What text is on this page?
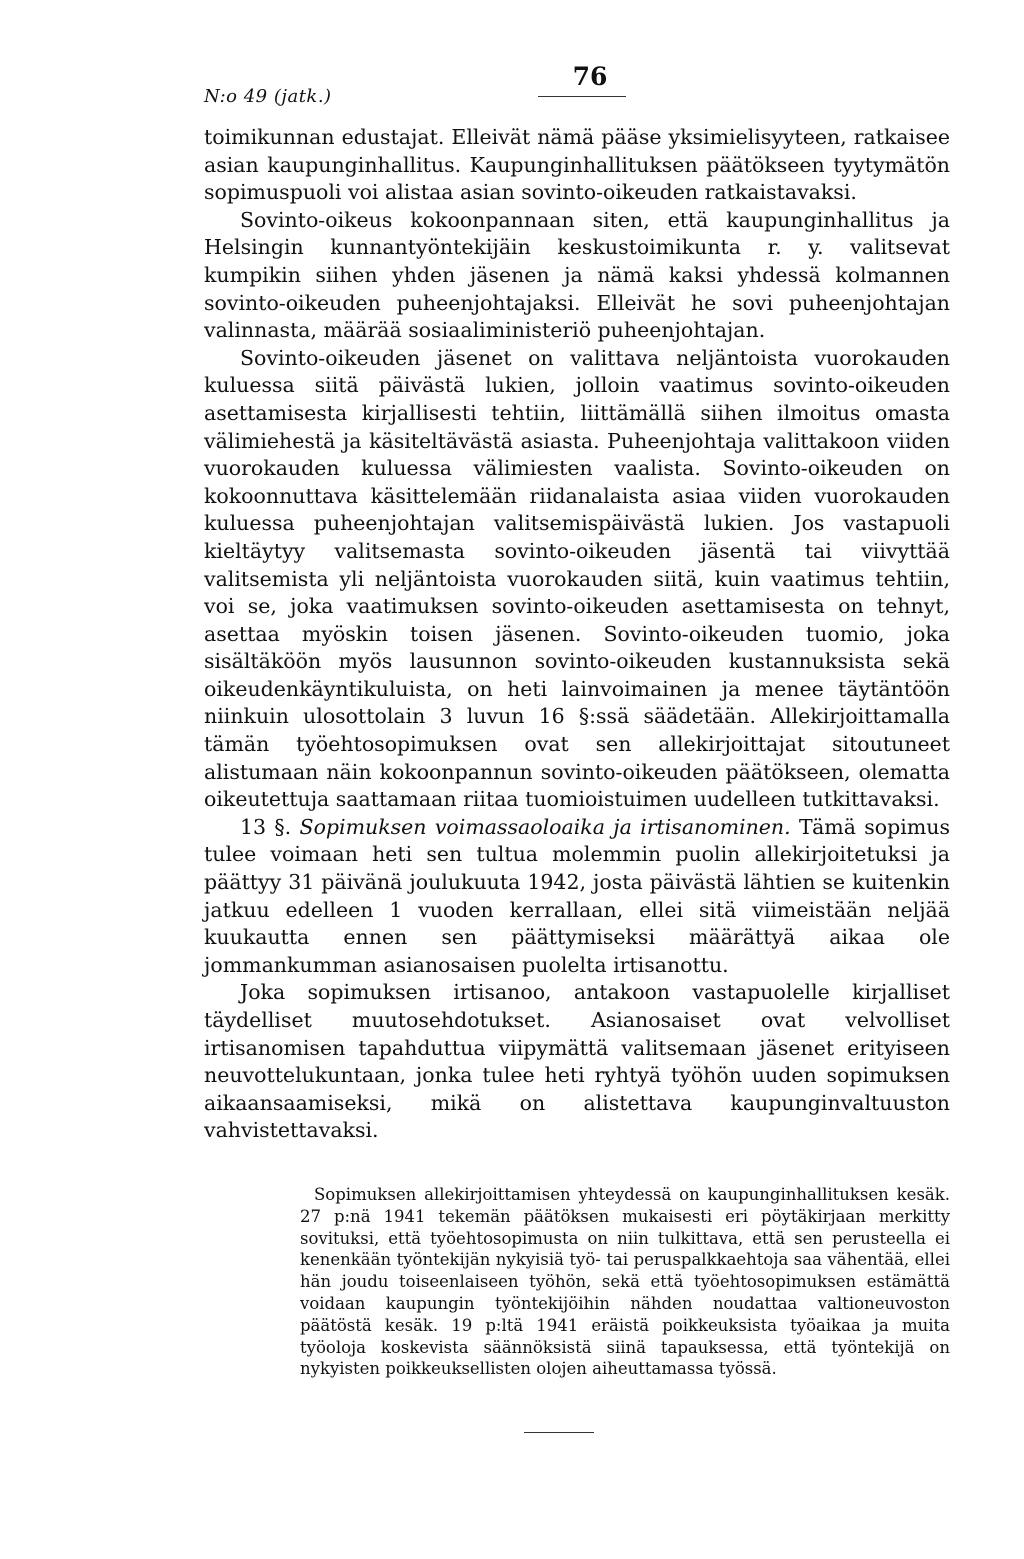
N:o 49 (jatk.)
76

toimikunnan edustajat. Elleivät nämä pääse yksimielisyyteen, ratkaisee asian kaupunginhallitus. Kaupunginhallituksen päätökseen tyytymätön sopimuspuoli voi alistaa asian sovinto-oikeuden ratkaistavaksi.

Sovinto-oikeus kokoonpannaan siten, että kaupunginhallitus ja Helsingin kunnantyöntekijäin keskustoimikunta r. y. valitsevat kumpikin siihen yhden jäsenen ja nämä kaksi yhdessä kolmannen sovinto-oikeuden puheenjohtajaksi. Elleivät he sovi puheenjohtajan valinnasta, määrää sosiaaliministeriö puheenjohtajan.

Sovinto-oikeuden jäsenet on valittava neljäntoista vuorokauden kuluessa siitä päivästä lukien, jolloin vaatimus sovinto-oikeuden asettamisesta kirjallisesti tehtiin, liittämällä siihen ilmoitus omasta välimiehestä ja käsiteltävästä asiasta. Puheenjohtaja valittakoon viiden vuorokauden kuluessa välimiesten vaalista. Sovinto-oikeuden on kokoonnuttava käsittelemään riidanalaista asiaa viiden vuorokauden kuluessa puheenjohtajan valitsemispäivästä lukien. Jos vastapuoli kieltäytyy valitsemasta sovinto-oikeuden jäsentä tai viivyttää valitsemista yli neljäntoista vuorokauden siitä, kuin vaatimus tehtiin, voi se, joka vaatimuksen sovinto-oikeuden asettamisesta on tehnyt, asettaa myöskin toisen jäsenen. Sovinto-oikeuden tuomio, joka sisältäköön myös lausunnon sovinto-oikeuden kustannuksista sekä oikeudenkäyntikuluista, on heti lainvoimainen ja menee täytäntöön niinkuin ulosottolain 3 luvun 16 §:ssä säädetään. Allekirjoittamalla tämän työehtosopimuksen ovat sen allekirjoittajat sitoutuneet alistumaan näin kokoonpannun sovinto-oikeuden päätökseen, olematta oikeutettuja saattamaan riitaa tuomioistuimen uudelleen tutkittavaksi.

13 §. Sopimuksen voimassaoloaika ja irtisanominen. Tämä sopimus tulee voimaan heti sen tultua molemmin puolin allekirjoitetuksi ja päättyy 31 päivänä joulukuuta 1942, josta päivästä lähtien se kuitenkin jatkuu edelleen 1 vuoden kerrallaan, ellei sitä viimeistään neljää kuukautta ennen sen päättymiseksi määrättyä aikaa ole jommankumman asianosaisen puolelta irtisanottu.

Joka sopimuksen irtisanoo, antakoon vastapuolelle kirjalliset täydelliset muutosehdotukset. Asianosaiset ovat velvolliset irtisanomisen tapahduttua viipymättä valitsemaan jäsenet erityiseen neuvottelukuntaan, jonka tulee heti ryhtyä työhön uuden sopimuksen aikaansaamiseksi, mikä on alistettava kaupunginvaltuuston vahvistettavaksi.

Sopimuksen allekirjoittamisen yhteydessä on kaupunginhallituksen kesäk. 27 p:nä 1941 tekemän päätöksen mukaisesti eri pöytäkirjaan merkitty sovituksi, että työehtosopimusta on niin tulkittava, että sen perusteella ei kenenkään työntekijän nykyisiä työ- tai peruspalkkaehtoja saa vähentää, ellei hän joudu toiseenlaiseen työhön, sekä että työehtosopimuksen estämättä voidaan kaupungin työntekijöihin nähden noudattaa valtioneuvoston päätöstä kesäk. 19 p:ltä 1941 eräistä poikkeuksista työaikaa ja muita työoloja koskevista säännöksistä siinä tapauksessa, että työntekijä on nykyisten poikkeuksellisten olojen aiheuttamassa työssä.
